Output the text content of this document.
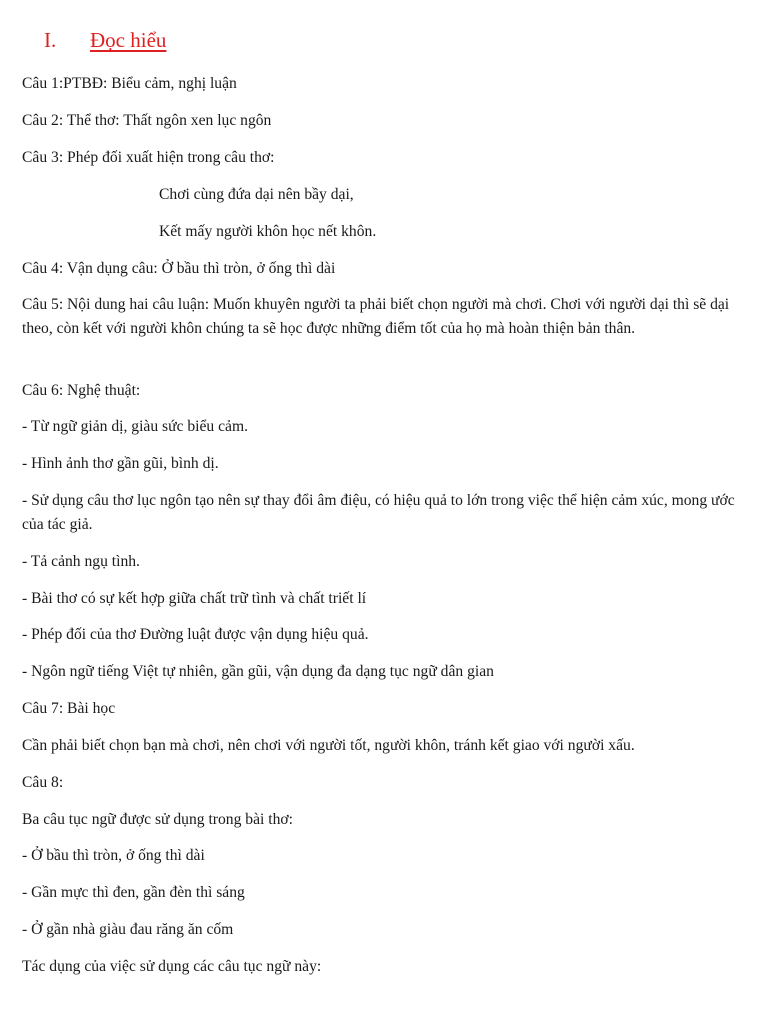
I. Đọc hiểu
Câu 1:PTBĐ: Biểu cảm, nghị luận
Câu 2: Thể thơ: Thất ngôn xen lục ngôn
Câu 3: Phép đối xuất hiện trong câu thơ:
Chơi cùng đứa dại nên bầy dại,
Kết mấy người khôn học nết khôn.
Câu 4: Vận dụng câu: Ở bầu thì tròn, ở ống thì dài
Câu 5: Nội dung hai câu luận: Muốn khuyên người ta phải biết chọn người mà chơi. Chơi với người dại thì sẽ dại theo, còn kết với người khôn chúng ta sẽ học được những điểm tốt của họ mà hoàn thiện bản thân.
Câu 6: Nghệ thuật:
- Từ ngữ giản dị, giàu sức biểu cảm.
- Hình ảnh thơ gần gũi, bình dị.
- Sử dụng câu thơ lục ngôn tạo nên sự thay đổi âm điệu, có hiệu quả to lớn trong việc thể hiện cảm xúc, mong ước của tác giả.
- Tả cảnh ngụ tình.
- Bài thơ có sự kết hợp giữa chất trữ tình và chất triết lí
- Phép đối của thơ Đường luật được vận dụng hiệu quả.
- Ngôn ngữ tiếng Việt tự nhiên, gần gũi, vận dụng đa dạng tục ngữ dân gian
Câu 7: Bài học
Cần phải biết chọn bạn mà chơi, nên chơi với người tốt, người khôn, tránh kết giao với người xấu.
Câu 8:
Ba câu tục ngữ được sử dụng trong bài thơ:
- Ở bầu thì tròn, ở ống thì dài
- Gần mực thì đen, gần đèn thì sáng
- Ở gần nhà giàu đau răng ăn cốm
Tác dụng của việc sử dụng các câu tục ngữ này:
